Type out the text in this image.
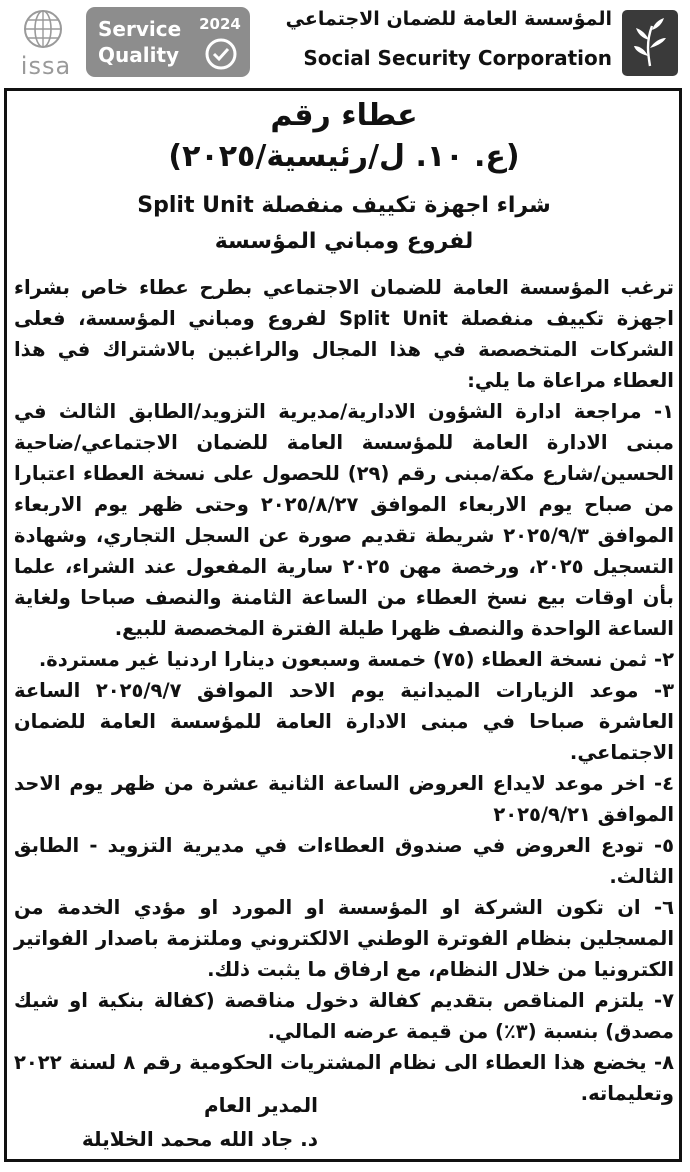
issa
Service
Quality
2024 المؤسسة العامة للضمان الاجتماعي
Social Security Corporation
عطاء رقم
(ع. ١٠. ل/رئيسية/٢٠٢٥)
شراء اجهزة تكييف منفصلة Split Unit
لفروع ومباني المؤسسة

ترغب المؤسسة العامة للضمان الاجتماعي بطرح عطاء خاص بشراء اجهزة تكييف منفصلة Split Unit لفروع ومباني المؤسسة، فعلى الشركات المتخصصة في هذا المجال والراغبين بالاشتراك في هذا العطاء مراعاة ما يلي:

١- مراجعة ادارة الشؤون الادارية/مديرية التزويد/الطابق الثالث في مبنى الادارة العامة للمؤسسة العامة للضمان الاجتماعي/ضاحية الحسين/شارع مكة/مبنى رقم (٢٩) للحصول على نسخة العطاء اعتبارا من صباح يوم الاربعاء الموافق ٢٠٢٥/٨/٢٧ وحتى ظهر يوم الاربعاء الموافق ٢٠٢٥/٩/٣ شريطة تقديم صورة عن السجل التجاري، وشهادة التسجيل ٢٠٢٥، ورخصة مهن ٢٠٢٥ سارية المفعول عند الشراء، علما بأن اوقات بيع نسخ العطاء من الساعة الثامنة والنصف صباحا ولغاية الساعة الواحدة والنصف ظهرا طيلة الفترة المخصصة للبيع.

٢- ثمن نسخة العطاء (٧٥) خمسة وسبعون دينارا اردنيا غير مستردة.

٣- موعد الزيارات الميدانية يوم الاحد الموافق ٢٠٢٥/٩/٧ الساعة العاشرة صباحا في مبنى الادارة العامة للمؤسسة العامة للضمان الاجتماعي.

٤- اخر موعد لايداع العروض الساعة الثانية عشرة من ظهر يوم الاحد الموافق ٢٠٢٥/٩/٢١

٥- تودع العروض في صندوق العطاءات في مديرية التزويد - الطابق الثالث.

٦- ان تكون الشركة او المؤسسة او المورد او مؤدي الخدمة من المسجلين بنظام الفوترة الوطني الالكتروني وملتزمة باصدار الفواتير الكترونيا من خلال النظام، مع ارفاق ما يثبت ذلك.

٧- يلتزم المناقص بتقديم كفالة دخول مناقصة (كفالة بنكية او شيك مصدق) بنسبة (٣٪) من قيمة عرضه المالي.

٨- يخضع هذا العطاء الى نظام المشتريات الحكومية رقم ٨ لسنة ٢٠٢٢ وتعليماته.

المدير العام
د. جاد الله محمد الخلايلة
